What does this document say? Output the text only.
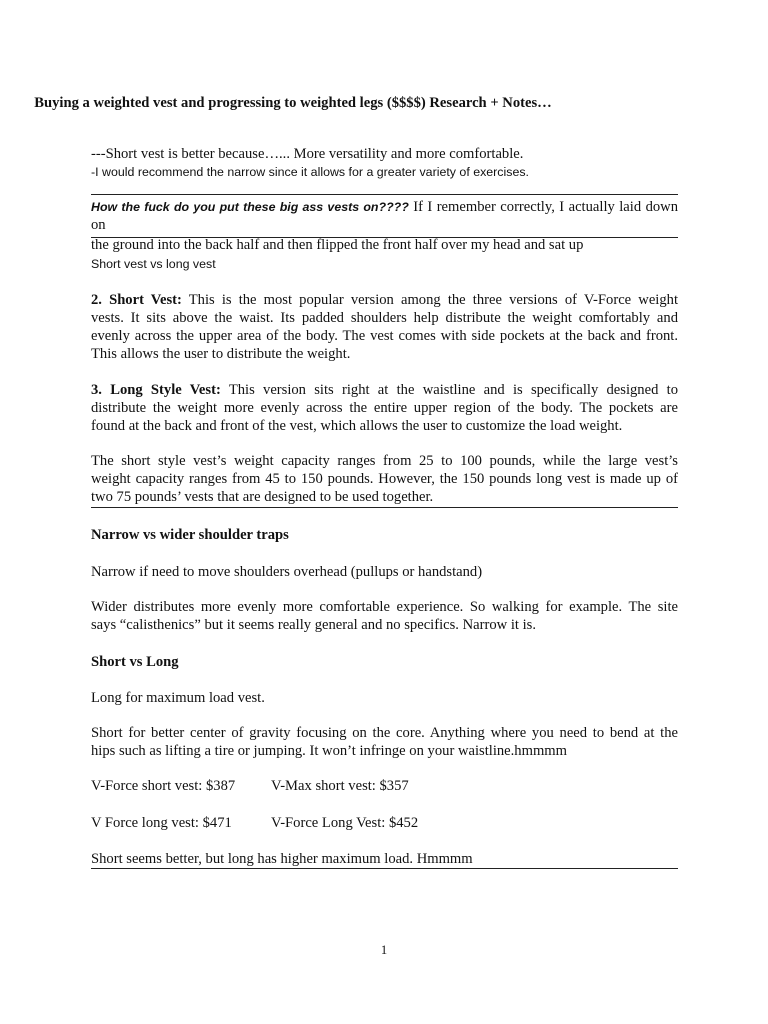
Buying a weighted vest and progressing to weighted legs ($$$$) Research + Notes…
---Short vest is better because…... More versatility and more comfortable.
-I would recommend the narrow since it allows for a greater variety of exercises.
How the fuck do you put these big ass vests on???? If I remember correctly, I actually laid down on
the ground into the back half and then flipped the front half over my head and sat up
Short vest vs long vest
2. Short Vest: This is the most popular version among the three versions of V-Force weight
vests. It sits above the waist. Its padded shoulders help distribute the weight comfortably and
evenly across the upper area of the body. The vest comes with side pockets at the back and front.
This allows the user to distribute the weight.
3. Long Style Vest: This version sits right at the waistline and is specifically designed to
distribute the weight more evenly across the entire upper region of the body. The pockets are
found at the back and front of the vest, which allows the user to customize the load weight.
The short style vest’s weight capacity ranges from 25 to 100 pounds, while the large vest’s
weight capacity ranges from 45 to 150 pounds. However, the 150 pounds long vest is made up of
two 75 pounds’ vests that are designed to be used together.
Narrow vs wider shoulder traps
Narrow if need to move shoulders overhead (pullups or handstand)
Wider distributes more evenly more comfortable experience. So walking for example. The site
says “calisthenics” but it seems really general and no specifics. Narrow it is.
Short vs Long
Long for maximum load vest.
Short for better center of gravity focusing on the core. Anything where you need to bend at the
hips such as lifting a tire or jumping. It won’t infringe on your waistline.hmmmm
V-Force short vest: $387 V-Max short vest: $357
V Force long vest: $471	V-Force Long Vest: $452
Short seems better, but long has higher maximum load. Hmmmm
1
